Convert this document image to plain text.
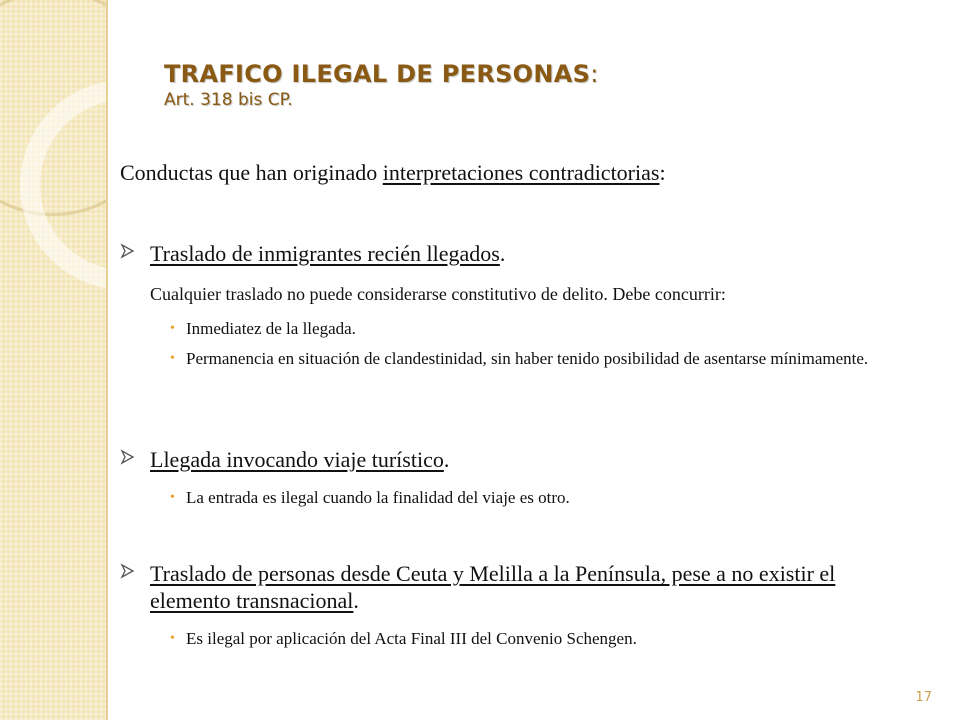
TRAFICO ILEGAL DE PERSONAS:
Art. 318 bis CP.
Conductas que han originado interpretaciones contradictorias:
Traslado de inmigrantes recién llegados.
Cualquier traslado no puede considerarse constitutivo de delito. Debe concurrir:
• Inmediatez de la llegada.
• Permanencia en situación de clandestinidad, sin haber tenido posibilidad de asentarse mínimamente.
Llegada invocando viaje turístico.
• La entrada es ilegal cuando la finalidad del viaje es otro.
Traslado de personas desde Ceuta y Melilla a la Península, pese a no existir el elemento transnacional.
• Es ilegal por aplicación del Acta Final III del Convenio Schengen.
17
